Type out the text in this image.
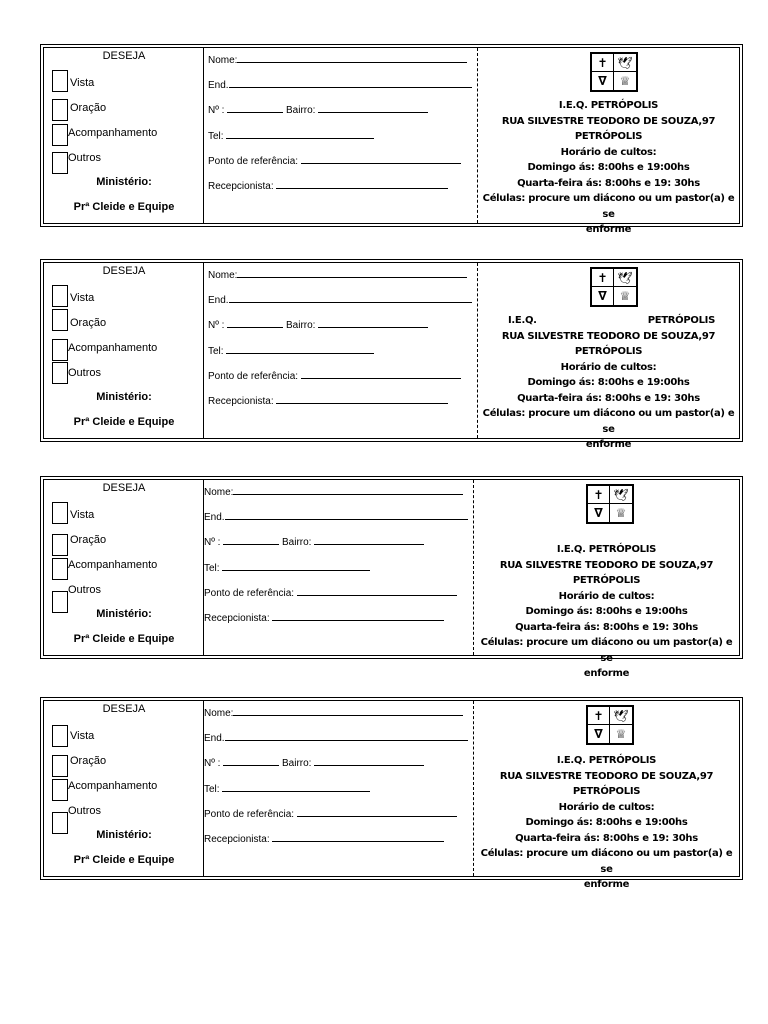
DESEJA
Vista
Oração
Acompanhamento
Outros
Ministério:
Prª Cleide e Equipe
Nome:
End.
Nº :	Bairro:
Tel:
Ponto de referência:
Recepcionista:
✝ 🕊
𝛁	♕
I.E.Q. PETRÓPOLIS
RUA SILVESTRE TEODORO DE SOUZA,97 PETRÓPOLIS
Horário de cultos:
Domingo ás: 8:00hs e 19:00hs
Quarta-feira ás: 8:00hs e 19: 30hs
Células: procure um diácono ou um pastor(a) e se
enforme
DESEJA
Vista
Oração
Acompanhamento
Outros
Ministério:
Prª Cleide e Equipe
Nome:
End.
Nº :	Bairro:
Tel:
Ponto de referência:
Recepcionista:
✝ 🕊
𝛁	♕
I.E.Q.	PETRÓPOLIS
RUA SILVESTRE TEODORO DE SOUZA,97 PETRÓPOLIS
Horário de cultos:
Domingo ás: 8:00hs e 19:00hs
Quarta-feira ás: 8:00hs e 19: 30hs
Células: procure um diácono ou um pastor(a) e se
enforme
DESEJA
Vista
Oração
Acompanhamento
Outros
Ministério:
Prª Cleide e Equipe
Nome:
End.
Nº :	Bairro:
Tel:
Ponto de referência:
Recepcionista:
✝ 🕊
𝛁	♕
I.E.Q. PETRÓPOLIS
RUA SILVESTRE TEODORO DE SOUZA,97 PETRÓPOLIS
Horário de cultos:
Domingo ás: 8:00hs e 19:00hs
Quarta-feira ás: 8:00hs e 19: 30hs
Células: procure um diácono ou um pastor(a) e se
enforme
DESEJA
Vista
Oração
Acompanhamento
Outros
Ministério:
Prª Cleide e Equipe
Nome:
End.
Nº :	Bairro:
Tel:
Ponto de referência:
Recepcionista:
✝ 🕊
𝛁	♕
I.E.Q. PETRÓPOLIS
RUA SILVESTRE TEODORO DE SOUZA,97 PETRÓPOLIS
Horário de cultos:
Domingo ás: 8:00hs e 19:00hs
Quarta-feira ás: 8:00hs e 19: 30hs
Células: procure um diácono ou um pastor(a) e se
enforme
